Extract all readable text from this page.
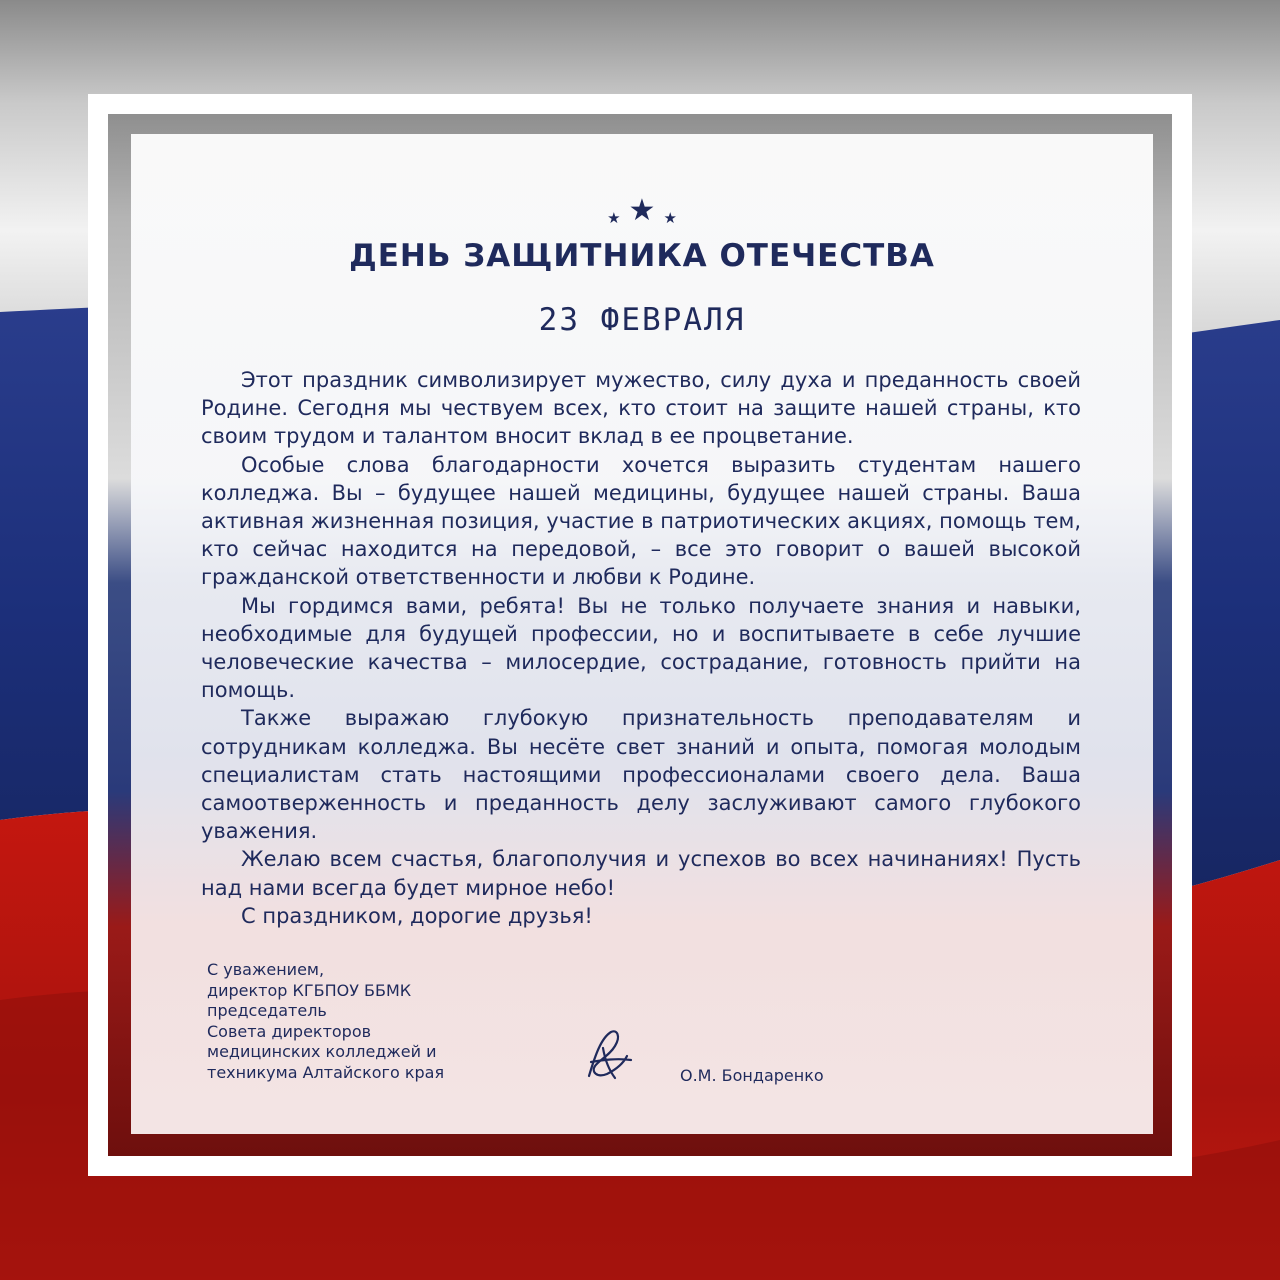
★ ★ ★
ДЕНЬ ЗАЩИТНИКА ОТЕЧЕСТВА
23 ФЕВРАЛЯ

Этот праздник символизирует мужество, силу духа и преданность своей Родине. Сегодня мы чествуем всех, кто стоит на защите нашей страны, кто своим трудом и талантом вносит вклад в ее процветание.

Особые слова благодарности хочется выразить студентам нашего колледжа. Вы – будущее нашей медицины, будущее нашей страны. Ваша активная жизненная позиция, участие в патриотических акциях, помощь тем, кто сейчас находится на передовой, – все это говорит о вашей высокой гражданской ответственности и любви к Родине.

Мы гордимся вами, ребята! Вы не только получаете знания и навыки, необходимые для будущей профессии, но и воспитываете в себе лучшие человеческие качества – милосердие, сострадание, готовность прийти на помощь.

Также выражаю глубокую признательность преподавателям и сотрудникам колледжа. Вы несёте свет знаний и опыта, помогая молодым специалистам стать настоящими профессионалами своего дела. Ваша самоотверженность и преданность делу заслуживают самого глубокого уважения.

Желаю всем счастья, благополучия и успехов во всех начинаниях! Пусть над нами всегда будет мирное небо!

С праздником, дорогие друзья!

С уважением,
директор КГБПОУ ББМК
председатель
Совета директоров
медицинских колледжей и
техникума Алтайского края	О.М. Бондаренко
